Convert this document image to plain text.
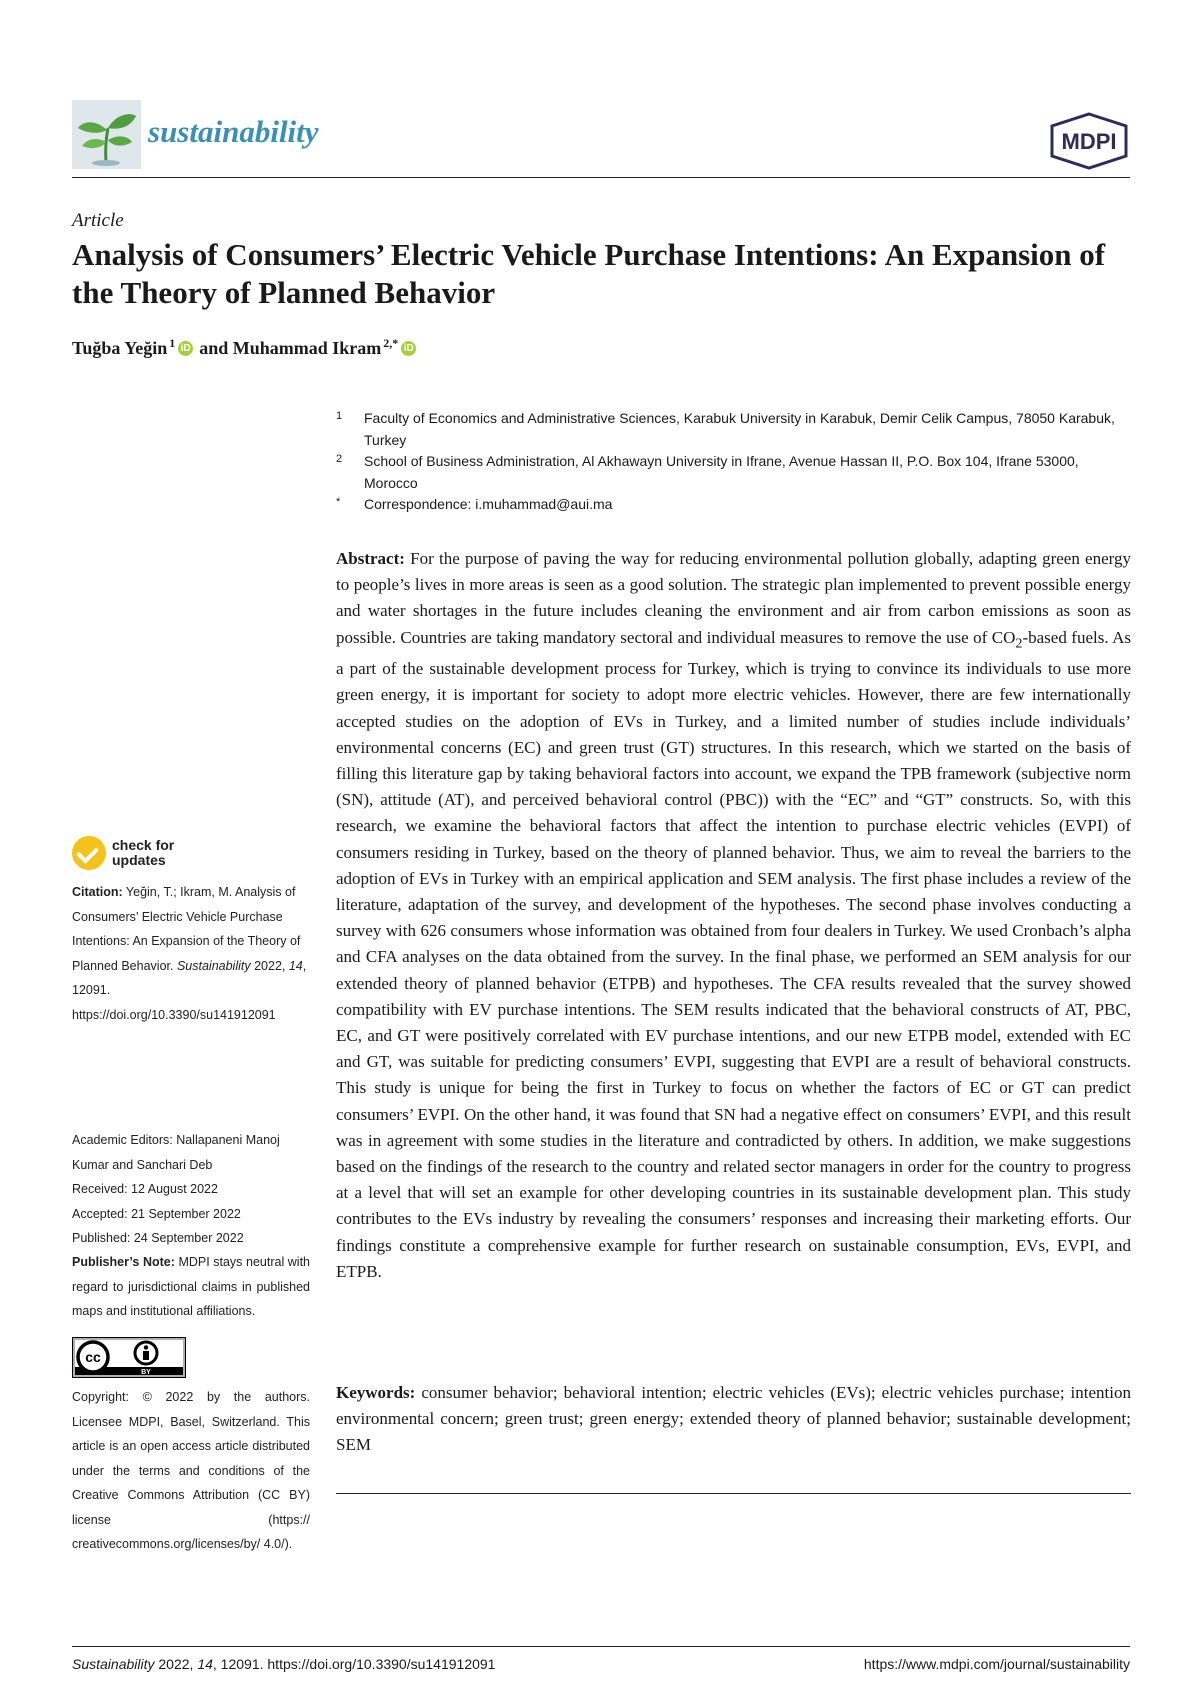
sustainability	MDPI
Article
Analysis of Consumers’ Electric Vehicle Purchase Intentions: An Expansion of the Theory of Planned Behavior
Tuğba Yeğin$^1$ iD and
Muhammad Ikram$^{2,*}$ iD
1	Faculty of Economics and Administrative Sciences, Karabuk University in Karabuk, Demir Celik Campus, 78050 Karabuk, Turkey
2	School of Business Administration, Al Akhawayn University in Ifrane, Avenue Hassan II, P.O. Box 104, Ifrane 53000, Morocco
*	Correspondence: i.muhammad@aui.ma
Abstract: For the purpose of paving the way for reducing environmental pollution globally, adapting green energy to people’s lives in more areas is seen as a good solution. The strategic plan implemented to prevent possible energy and water shortages in the future includes cleaning the environment and air from carbon emissions as soon as possible. Countries are taking mandatory sectoral and individual measures to remove the use of $CO_2$-based fuels. As a part of the sustainable development process for Turkey, which is trying to convince its individuals to use more green energy, it is important for society to adopt more electric vehicles. However, there are few internationally accepted studies on the adoption of EVs in Turkey, and a limited number of studies include individuals’ environmental concerns (EC) and green trust (GT) structures. In this research, which we started on the basis of filling this literature gap by taking behavioral factors into account, we expand the TPB framework (subjective norm (SN), attitude (AT), and perceived behavioral control (PBC)) with the “EC” and “GT” constructs. So, with this research, we examine the behavioral factors that affect the intention to purchase electric vehicles (EVPI) of consumers residing in Turkey, based on the theory of planned behavior. Thus, we aim to reveal the barriers to the adoption of EVs in Turkey with an empirical application and SEM analysis. The first phase includes a review of the literature, adaptation of the survey, and development of the hypotheses. The second phase involves conducting a survey with 626 consumers whose information was obtained from four dealers in Turkey. We used Cronbach’s alpha and CFA analyses on the data obtained from the survey. In the final phase, we performed an SEM analysis for our extended theory of planned behavior (ETPB) and hypotheses. The CFA results revealed that the survey showed compatibility with EV purchase intentions. The SEM results indicated that the behavioral constructs of AT, PBC, EC, and GT were positively correlated with EV purchase intentions, and our new ETPB model, extended with EC and GT, was suitable for predicting consumers’ EVPI, suggesting that EVPI are a result of behavioral constructs. This study is unique for being the first in Turkey to focus on whether the factors of EC or GT can predict consumers’ EVPI. On the other hand, it was found that SN had a negative effect on consumers’ EVPI, and this result was in agreement with some studies in the literature and contradicted by others. In addition, we make suggestions based on the findings of the research to the country and related sector managers in order for the country to progress at a level that will set an example for other developing countries in its sustainable development plan. This study contributes to the EVs industry by revealing the consumers’ responses and increasing their marketing efforts. Our findings constitute a comprehensive example for further research on sustainable consumption, EVs, EVPI, and ETPB.
Keywords: consumer behavior; behavioral intention; electric vehicles (EVs); electric vehicles purchase; intention environmental concern; green trust; green energy; extended theory of planned behavior; sustainable development; SEM
check for
updates
Citation: Yeğin, T.; Ikram, M. Analysis of Consumers’ Electric Vehicle Purchase Intentions: An Expansion of the Theory of Planned Behavior. Sustainability 2022, 14, 12091. https://doi.org/10.3390/su141912091
Academic Editors: Nallapaneni Manoj Kumar and Sanchari Deb
Received: 12 August 2022
Accepted: 21 September 2022
Published: 24 September 2022
Publisher’s Note: MDPI stays neutral with regard to jurisdictional claims in published maps and institutional affiliations.
cc
BY
Copyright: © 2022 by the authors. Licensee MDPI, Basel, Switzerland. This article is an open access article distributed under the terms and conditions of the Creative Commons Attribution (CC BY) license (https:// creativecommons.org/licenses/by/ 4.0/).
Sustainability 2022, 14, 12091. https://doi.org/10.3390/su141912091	https://www.mdpi.com/journal/sustainability
